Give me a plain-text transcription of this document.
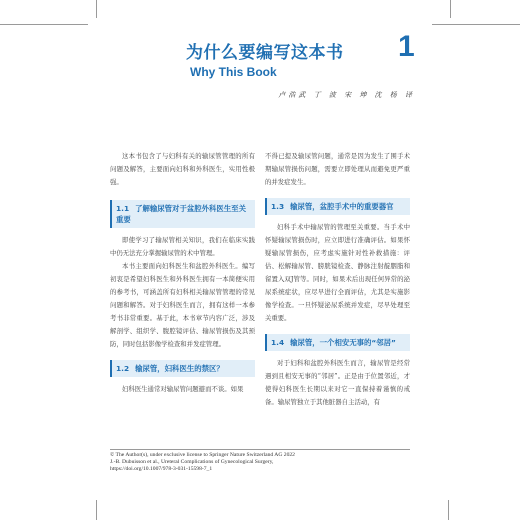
为什么要编写这本书
Why This Book
1
卢浩武 丁 波 宋 坤 沈 杨 译

这本书包含了与妇科有关的输尿管管理的所有问题及解答，主要面向妇科和外科医生，实用性极强。

1.1 了解输尿管对于盆腔外科医生至关重要

即使学习了输尿管相关知识，我们在临床实践中仍无法充分掌握输尿管的术中管理。

本书主要面向妇科医生和盆腔外科医生。编写初衷是希望妇科医生和外科医生拥有一本简便实用的参考书，可涵盖所有妇科相关输尿管管理的常见问题和解答。对于妇科医生而言，拥有这样一本参考书非常重要。基于此，本书章节内容广泛，涉及解剖学、组织学、腹腔镜评估、输尿管损伤及其预防，同时包括影像学检查和并发症管理。

1.2 输尿管，妇科医生的禁区？

妇科医生通常对输尿管问题避而不谈。如果

不得已提及输尿管问题，通常是因为发生了围手术期输尿管损伤问题，需要立即处理从而避免更严重的并发症发生。

1.3 输尿管，盆腔手术中的重要器官

妇科手术中输尿管的管理至关重要。当手术中怀疑输尿管损伤时，应立即进行准确评估。如果怀疑输尿管损伤，应考虑实施针对性补救措施：评估、松解输尿管、膀胱镜检查、静脉注射靛胭脂和留置入双J管等。同时，如果术后出现任何异常的泌尿系统症状，应尽早进行全面评估，尤其是实施影像学检查。一旦怀疑泌尿系统并发症，尽早处理至关重要。

1.4 输尿管，一个相安无事的“邻居”

对于妇科和盆腔外科医生而言，输尿管是经常遇到且相安无事的“邻居”。正是由于位置邻近，才使得妇科医生长期以来对它一直保持着谨慎的戒备。输尿管独立于其他脏器自主活动，有

© The Author(s), under exclusive license to Springer Nature Switzerland AG 2022
J.-B. Dubuisson et al., Ureteral Complications of Gynecological Surgery,
https://doi.org/10.1007/978-3-031-15598-7_1
